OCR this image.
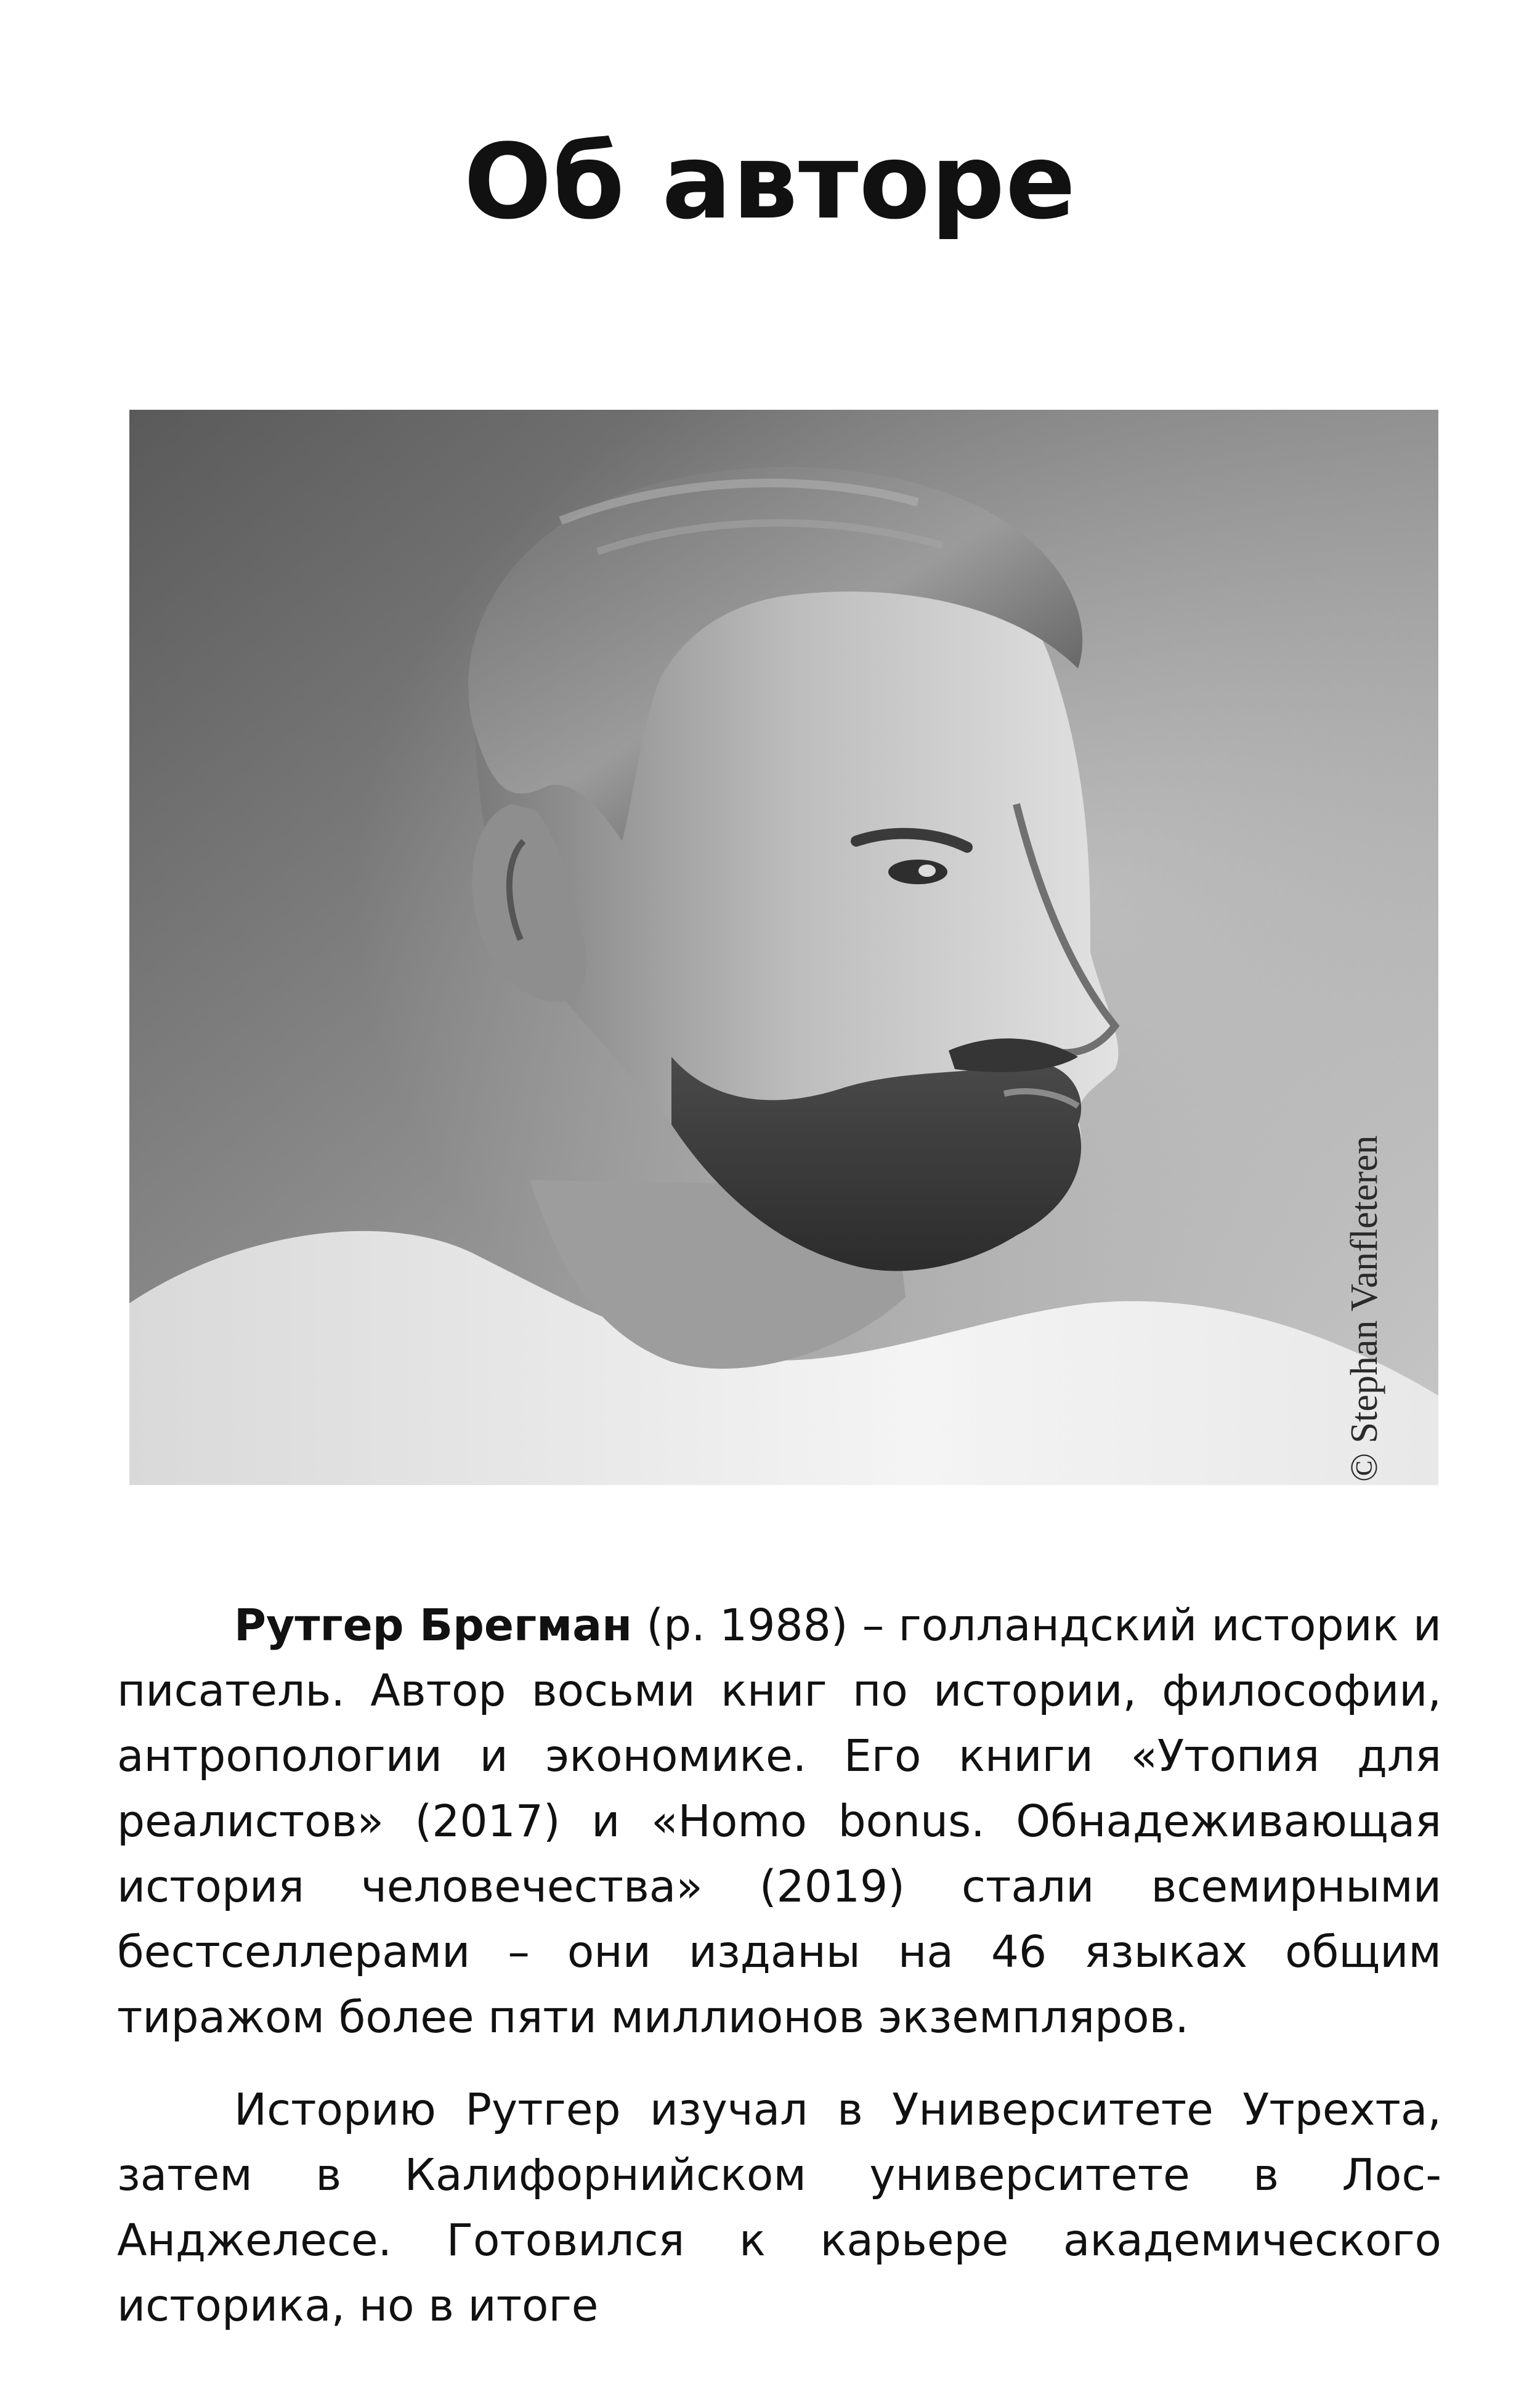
Об авторе
© Stephan Vanfleteren

Рутгер Брегман (р. 1988) – голландский историк и писатель. Автор восьми книг по истории, философии, антропологии и экономике. Его книги «Утопия для реалистов» (2017) и «Homo bonus. Обнадеживающая история человечества» (2019) стали всемирными бестселлерами – они изданы на 46 языках общим тиражом более пяти миллионов экземпляров.

Историю Рутгер изучал в Университете Утрехта, затем в Калифорнийском университете в Лос-Анджелесе. Готовился к карьере академического историка, но в итоге
